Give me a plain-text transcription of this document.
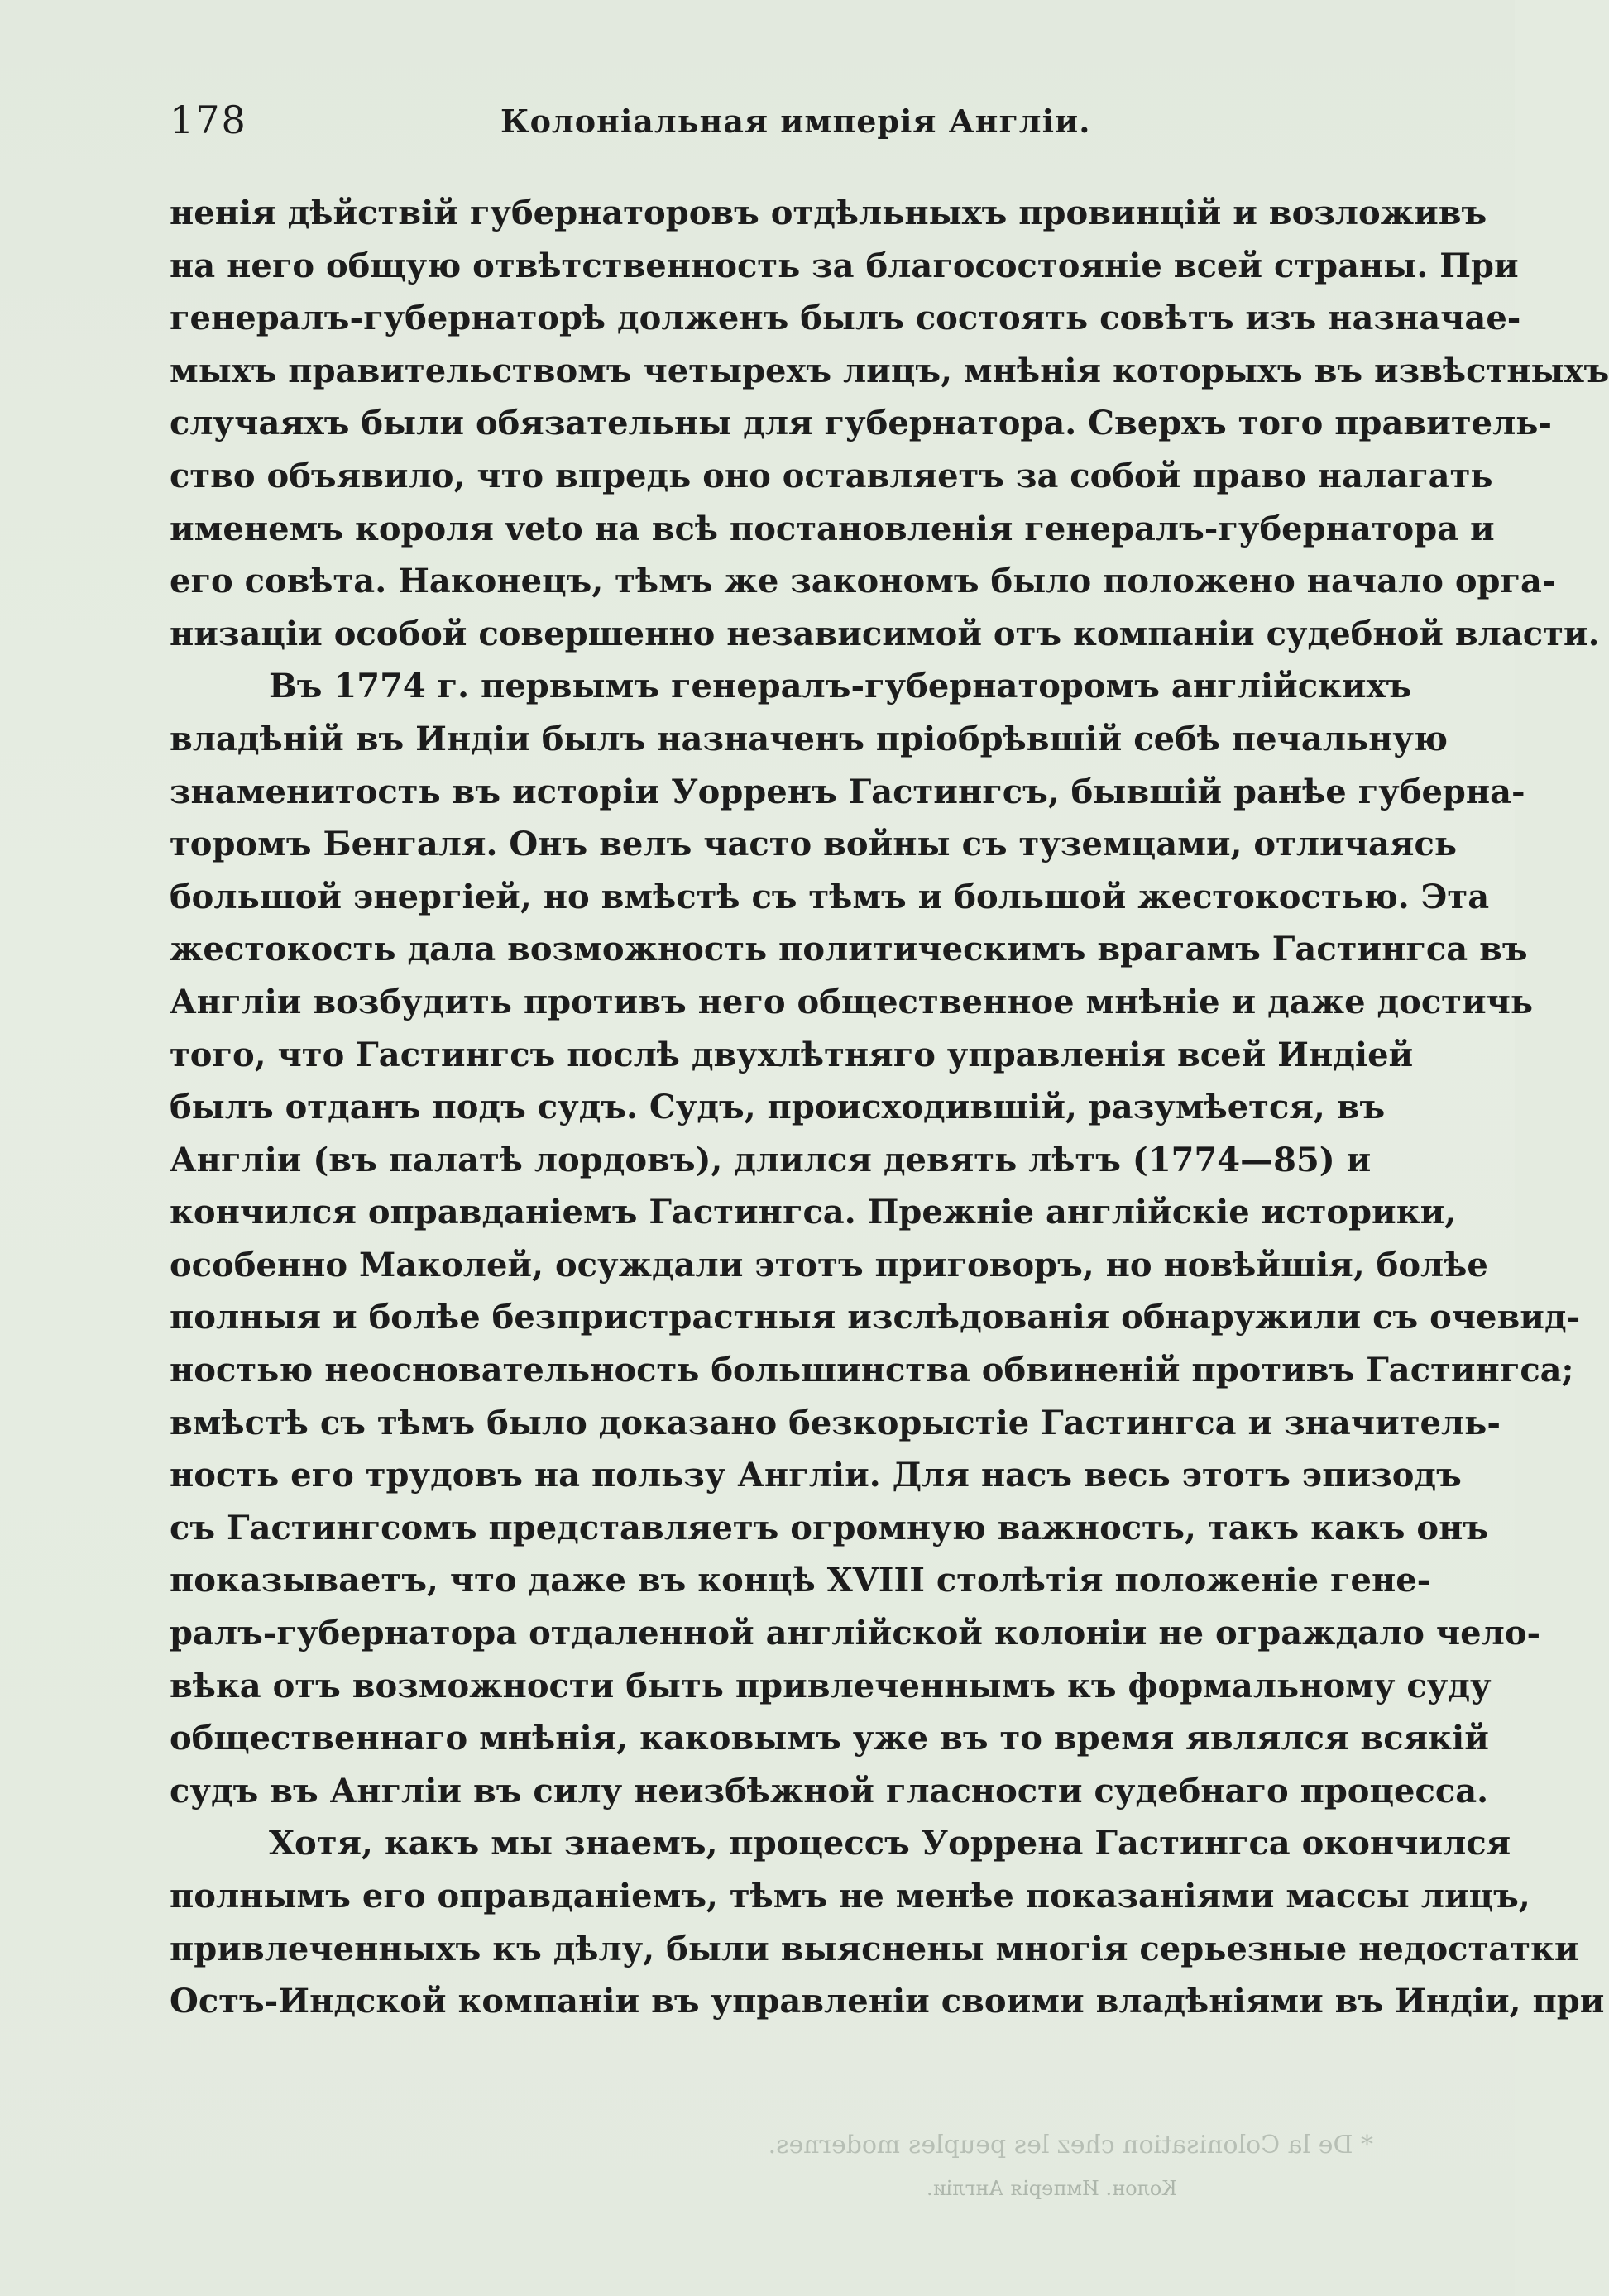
178	Колоніальная имперія Англіи.
ненія дѣйствій губернаторовъ отдѣльныхъ провинцій и возложивъ
на него общую отвѣтственность за благосостояніе всей страны. При
генералъ-губернаторѣ долженъ былъ состоять совѣтъ изъ назначае-
мыхъ правительствомъ четырехъ лицъ, мнѣнія которыхъ въ извѣстныхъ
случаяхъ были обязательны для губернатора. Сверхъ того правитель-
ство объявило, что впредь оно оставляетъ за собой право налагать
именемъ короля veto на всѣ постановленія генералъ-губернатора и
его совѣта. Наконецъ, тѣмъ же закономъ было положено начало орга-
низаціи особой совершенно независимой отъ компаніи судебной власти.
Въ 1774 г. первымъ генералъ-губернаторомъ англійскихъ
владѣній въ Индіи былъ назначенъ пріобрѣвшій себѣ печальную
знаменитость въ исторіи Уорренъ Гастингсъ, бывшій ранѣе губерна-
торомъ Бенгаля. Онъ велъ часто войны съ туземцами, отличаясь
большой энергіей, но вмѣстѣ съ тѣмъ и большой жестокостью. Эта
жестокость дала возможность политическимъ врагамъ Гастингса въ
Англіи возбудить противъ него общественное мнѣніе и даже достичь
того, что Гастингсъ послѣ двухлѣтняго управленія всей Индіей
былъ отданъ подъ судъ. Судъ, происходившій, разумѣется, въ
Англіи (въ палатѣ лордовъ), длился девять лѣтъ (1774—85) и
кончился оправданіемъ Гастингса. Прежніе англійскіе историки,
особенно Маколей, осуждали этотъ приговоръ, но новѣйшія, болѣе
полныя и болѣе безпристрастныя изслѣдованія обнаружили съ очевид-
ностью неосновательность большинства обвиненій противъ Гастингса;
вмѣстѣ съ тѣмъ было доказано безкорыстіе Гастингса и значитель-
ность его трудовъ на пользу Англіи. Для насъ весь этотъ эпизодъ
съ Гастингсомъ представляетъ огромную важность, такъ какъ онъ
показываетъ, что даже въ концѣ XVIII столѣтія положеніе гене-
ралъ-губернатора отдаленной англійской колоніи не ограждало чело-
вѣка отъ возможности быть привлеченнымъ къ формальному суду
общественнаго мнѣнія, каковымъ уже въ то время являлся всякій
судъ въ Англіи въ силу неизбѣжной гласности судебнаго процесса.
Хотя, какъ мы знаемъ, процессъ Уоррена Гастингса окончился
полнымъ его оправданіемъ, тѣмъ не менѣе показаніями массы лицъ,
привлеченныхъ къ дѣлу, были выяснены многія серьезные недостатки
Остъ-Индской компаніи въ управленіи своими владѣніями въ Индіи, при
* De la Colonisation chez les peuples modernes.
Колон. Имперія Англіи.
